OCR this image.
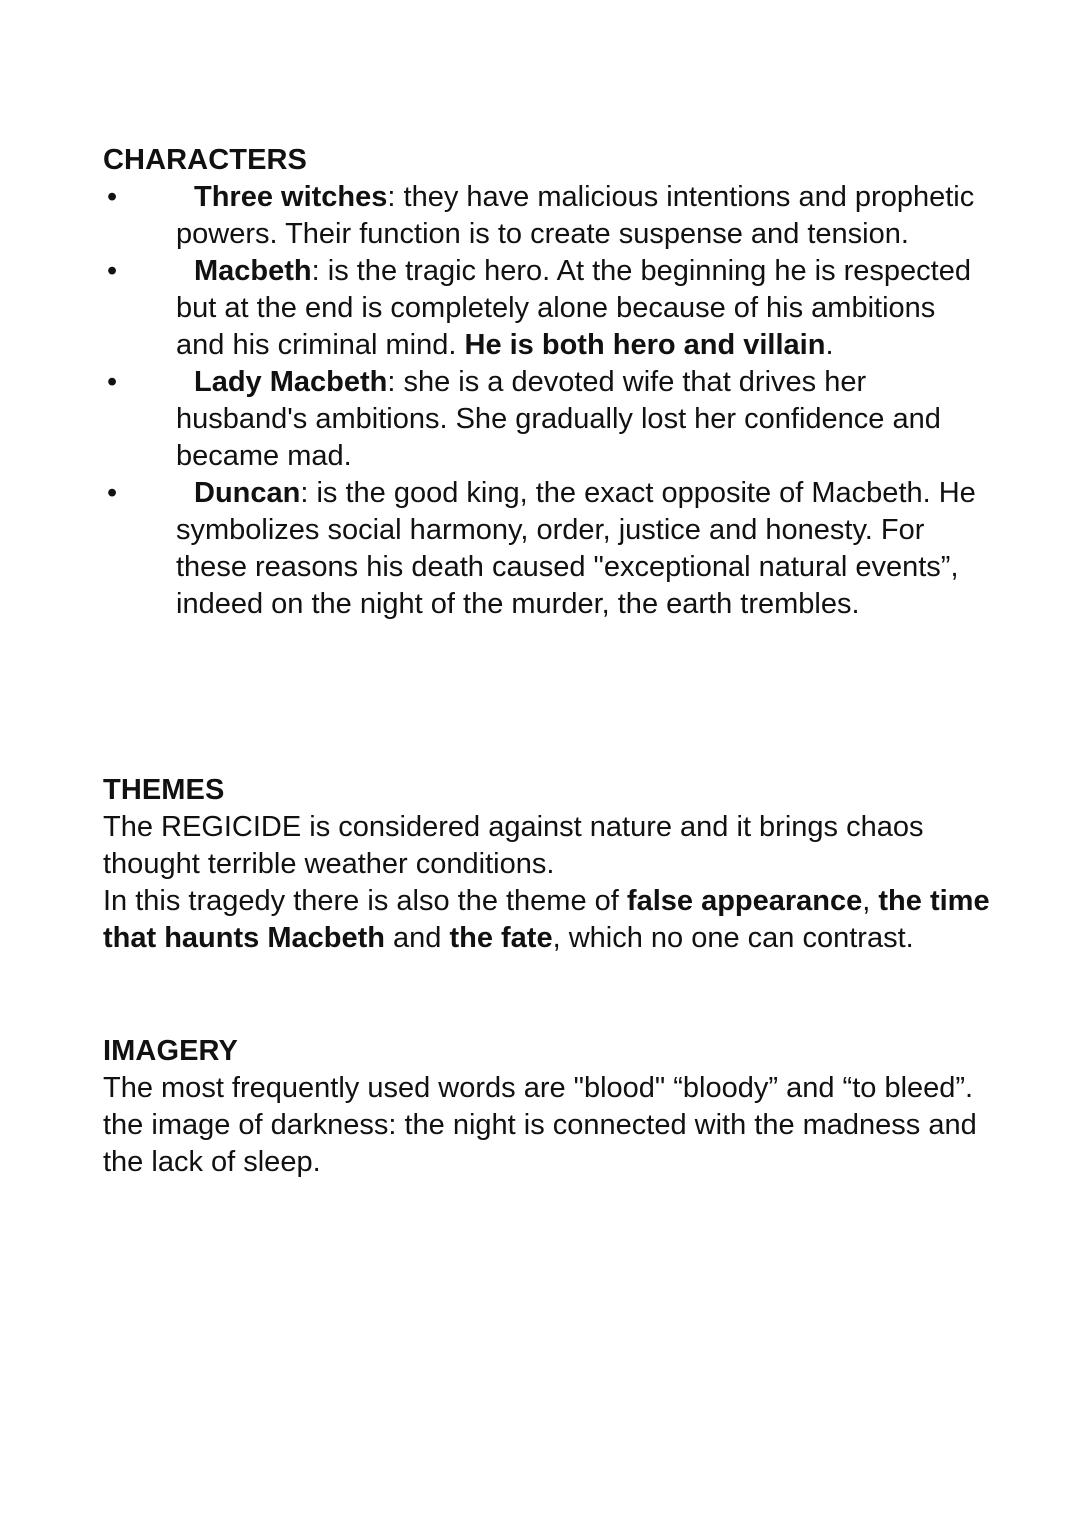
CHARACTERS
•	Three witches: they have malicious intentions and prophetic powers. Their function is to create suspense and tension.
•	Macbeth: is the tragic hero. At the beginning he is respected but at the end is completely alone because of his ambitions and his criminal mind. He is both hero and villain.
•	Lady Macbeth: she is a devoted wife that drives her husband's ambitions. She gradually lost her confidence and became mad.
•	Duncan: is the good king, the exact opposite of Macbeth. He symbolizes social harmony, order, justice and honesty. For these reasons his death caused "exceptional natural events”, indeed on the night of the murder, the earth trembles.
THEMES

The REGICIDE is considered against nature and it brings chaos thought terrible weather conditions.

In this tragedy there is also the theme of false appearance, the time that haunts Macbeth and the fate, which no one can contrast.

IMAGERY

The most frequently used words are "blood" “bloody” and “to bleed”.

the image of darkness: the night is connected with the madness and the lack of sleep.
